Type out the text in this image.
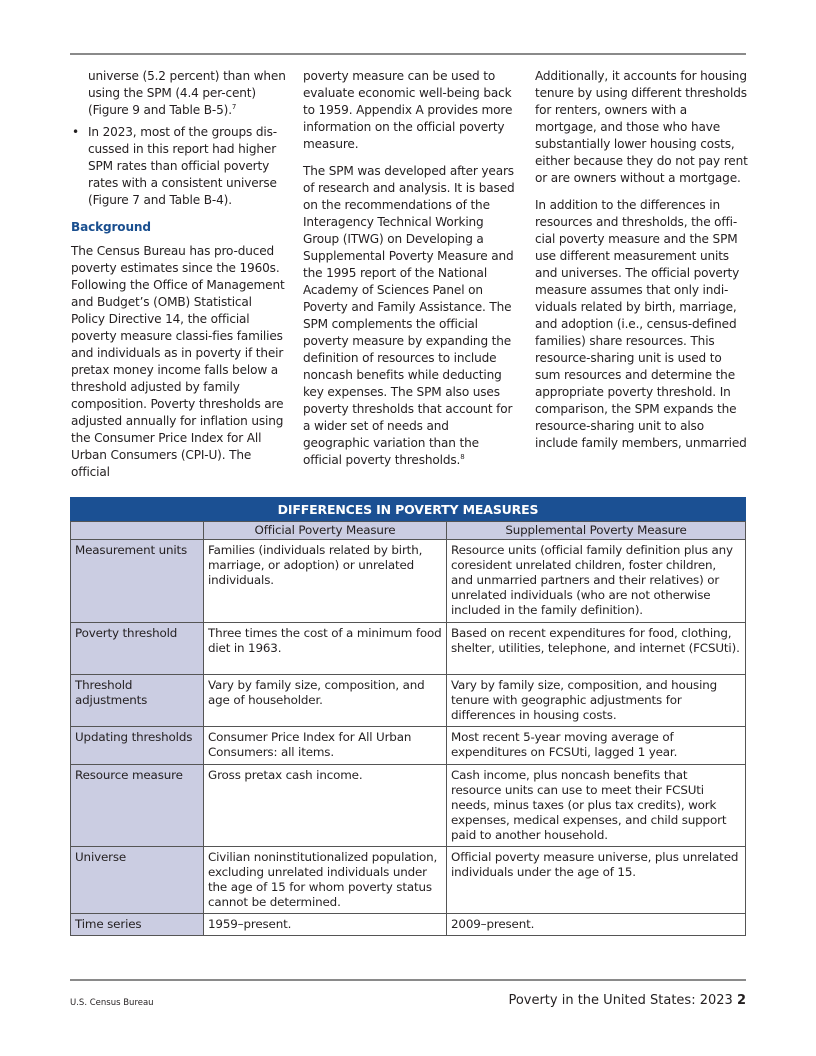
universe (5.2 percent) than when using the SPM (4.4 per-cent) (Figure 9 and Table B-5).$^7$

• In 2023, most of the groups dis-cussed in this report had higher SPM rates than official poverty rates with a consistent universe (Figure 7 and Table B-4).

Background

The Census Bureau has pro-duced poverty estimates since the 1960s. Following the Office of Management and Budget’s (OMB) Statistical Policy Directive 14, the official poverty measure classi-fies families and individuals as in poverty if their pretax money income falls below a threshold adjusted by family composition. Poverty thresholds are adjusted annually for inflation using the Consumer Price Index for All Urban Consumers (CPI-U). The official

poverty measure can be used to evaluate economic well-being back to 1959. Appendix A provides more information on the official poverty measure.

The SPM was developed after years of research and analysis. It is based on the recommendations of the Interagency Technical Working Group (ITWG) on Developing a Supplemental Poverty Measure and the 1995 report of the National Academy of Sciences Panel on Poverty and Family Assistance. The SPM complements the official poverty measure by expanding the definition of resources to include noncash benefits while deducting key expenses. The SPM also uses poverty thresholds that account for a wider set of needs and geographic variation than the official poverty thresholds.$^8$

Additionally, it accounts for housing tenure by using different thresholds for renters, owners with a mortgage, and those who have substantially lower housing costs, either because they do not pay rent or are owners without a mortgage.

In addition to the differences in resources and thresholds, the offi-cial poverty measure and the SPM use different measurement units and universes. The official poverty measure assumes that only indi-viduals related by birth, marriage, and adoption (i.e., census-defined families) share resources. This resource-sharing unit is used to sum resources and determine the appropriate poverty threshold. In comparison, the SPM expands the resource-sharing unit to also include family members, unmarried

DIFFERENCES IN POVERTY MEASURES		
	Official Poverty Measure	Supplemental Poverty Measure
Measurement units	Families (individuals related by birth, marriage, or adoption) or unrelated individuals.	Resource units (official family definition plus any coresident unrelated children, foster children, and unmarried partners and their relatives) or unrelated individuals (who are not otherwise included in the family definition).
Poverty threshold	Three times the cost of a minimum food diet in 1963.	Based on recent expenditures for food, clothing, shelter, utilities, telephone, and internet (FCSUti).
Threshold adjustments	Vary by family size, composition, and age of householder.	Vary by family size, composition, and housing tenure with geographic adjustments for differences in housing costs.
Updating thresholds	Consumer Price Index for All Urban Consumers: all items.	Most recent 5-year moving average of expenditures on FCSUti, lagged 1 year.
Resource measure	Gross pretax cash income.	Cash income, plus noncash benefits that resource units can use to meet their FCSUti needs, minus taxes (or plus tax credits), work expenses, medical expenses, and child support paid to another household.
Universe	Civilian noninstitutionalized population, excluding unrelated individuals under the age of 15 for whom poverty status cannot be determined.	Official poverty measure universe, plus unrelated individuals under the age of 15.
Time series	1959–present.	2009–present.
U.S. Census Bureau	Poverty in the United States: 2023 2
